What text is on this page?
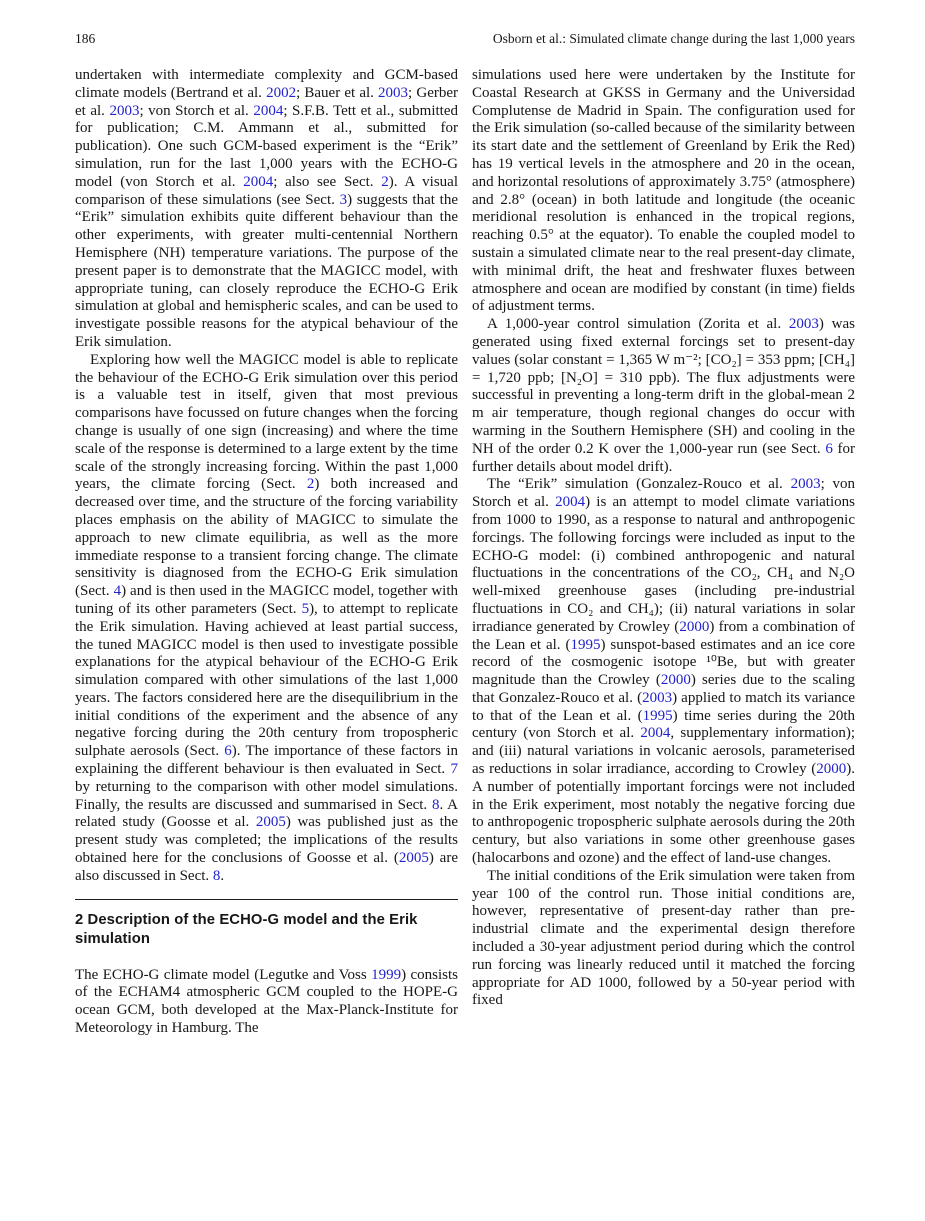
186	Osborn et al.: Simulated climate change during the last 1,000 years

undertaken with intermediate complexity and GCM-based climate models (Bertrand et al. 2002; Bauer et al. 2003; Gerber et al. 2003; von Storch et al. 2004; S.F.B. Tett et al., submitted for publication; C.M. Ammann et al., submitted for publication). One such GCM-based experiment is the “Erik” simulation, run for the last 1,000 years with the ECHO-G model (von Storch et al. 2004; also see Sect. 2). A visual comparison of these simulations (see Sect. 3) suggests that the “Erik” simulation exhibits quite different behaviour than the other experiments, with greater multi-centennial Northern Hemisphere (NH) temperature variations. The purpose of the present paper is to demonstrate that the MAGICC model, with appropriate tuning, can closely reproduce the ECHO-G Erik simulation at global and hemispheric scales, and can be used to investigate possible reasons for the atypical behaviour of the Erik simulation.

Exploring how well the MAGICC model is able to replicate the behaviour of the ECHO-G Erik simulation over this period is a valuable test in itself, given that most previous comparisons have focussed on future changes when the forcing change is usually of one sign (increasing) and where the time scale of the response is determined to a large extent by the time scale of the strongly increasing forcing. Within the past 1,000 years, the climate forcing (Sect. 2) both increased and decreased over time, and the structure of the forcing variability places emphasis on the ability of MAGICC to simulate the approach to new climate equilibria, as well as the more immediate response to a transient forcing change. The climate sensitivity is diagnosed from the ECHO-G Erik simulation (Sect. 4) and is then used in the MAGICC model, together with tuning of its other parameters (Sect. 5), to attempt to replicate the Erik simulation. Having achieved at least partial success, the tuned MAGICC model is then used to investigate possible explanations for the atypical behaviour of the ECHO-G Erik simulation compared with other simulations of the last 1,000 years. The factors considered here are the disequilibrium in the initial conditions of the experiment and the absence of any negative forcing during the 20th century from tropospheric sulphate aerosols (Sect. 6). The importance of these factors in explaining the different behaviour is then evaluated in Sect. 7 by returning to the comparison with other model simulations. Finally, the results are discussed and summarised in Sect. 8. A related study (Goosse et al. 2005) was published just as the present study was completed; the implications of the results obtained here for the conclusions of Goosse et al. (2005) are also discussed in Sect. 8.

2 Description of the ECHO-G model and the Erik simulation

The ECHO-G climate model (Legutke and Voss 1999) consists of the ECHAM4 atmospheric GCM coupled to the HOPE-G ocean GCM, both developed at the Max-Planck-Institute for Meteorology in Hamburg. The

simulations used here were undertaken by the Institute for Coastal Research at GKSS in Germany and the Universidad Complutense de Madrid in Spain. The configuration used for the Erik simulation (so-called because of the similarity between its start date and the settlement of Greenland by Erik the Red) has 19 vertical levels in the atmosphere and 20 in the ocean, and horizontal resolutions of approximately 3.75° (atmosphere) and 2.8° (ocean) in both latitude and longitude (the oceanic meridional resolution is enhanced in the tropical regions, reaching 0.5° at the equator). To enable the coupled model to sustain a simulated climate near to the real present-day climate, with minimal drift, the heat and freshwater fluxes between atmosphere and ocean are modified by constant (in time) fields of adjustment terms.

A 1,000-year control simulation (Zorita et al. 2003) was generated using fixed external forcings set to present-day values (solar constant = 1,365 W m⁻²; [CO₂] = 353 ppm; [CH₄] = 1,720 ppb; [N₂O] = 310 ppb). The flux adjustments were successful in preventing a long-term drift in the global-mean 2 m air temperature, though regional changes do occur with warming in the Southern Hemisphere (SH) and cooling in the NH of the order 0.2 K over the 1,000-year run (see Sect. 6 for further details about model drift).

The “Erik” simulation (Gonzalez-Rouco et al. 2003; von Storch et al. 2004) is an attempt to model climate variations from 1000 to 1990, as a response to natural and anthropogenic forcings. The following forcings were included as input to the ECHO-G model: (i) combined anthropogenic and natural fluctuations in the concentrations of the CO₂, CH₄ and N₂O well-mixed greenhouse gases (including pre-industrial fluctuations in CO₂ and CH₄); (ii) natural variations in solar irradiance generated by Crowley (2000) from a combination of the Lean et al. (1995) sunspot-based estimates and an ice core record of the cosmogenic isotope ¹⁰Be, but with greater magnitude than the Crowley (2000) series due to the scaling that Gonzalez-Rouco et al. (2003) applied to match its variance to that of the Lean et al. (1995) time series during the 20th century (von Storch et al. 2004, supplementary information); and (iii) natural variations in volcanic aerosols, parameterised as reductions in solar irradiance, according to Crowley (2000). A number of potentially important forcings were not included in the Erik experiment, most notably the negative forcing due to anthropogenic tropospheric sulphate aerosols during the 20th century, but also variations in some other greenhouse gases (halocarbons and ozone) and the effect of land-use changes.

The initial conditions of the Erik simulation were taken from year 100 of the control run. Those initial conditions are, however, representative of present-day rather than pre-industrial climate and the experimental design therefore included a 30-year adjustment period during which the control run forcing was linearly reduced until it matched the forcing appropriate for AD 1000, followed by a 50-year period with fixed
